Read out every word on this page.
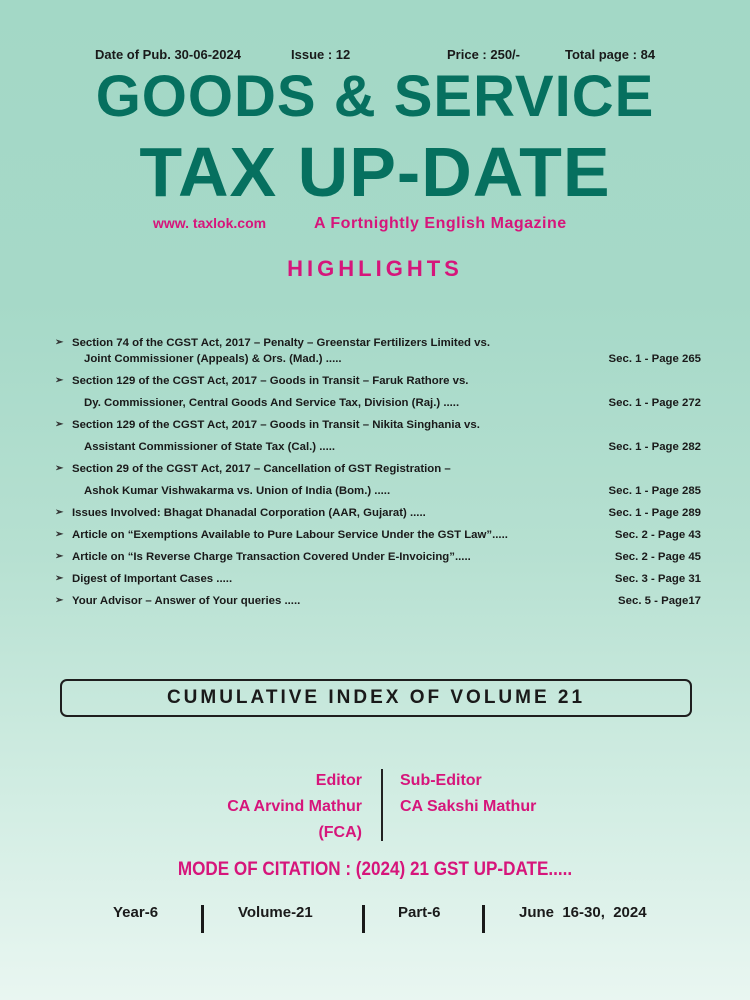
Date of Pub. 30-06-2024	Issue : 12	Price : 250/-	Total page : 84
GOODS & SERVICE
TAX UP-DATE
www. taxlok.com	A Fortnightly English Magazine
HIGHLIGHTS
➢ Section 74 of the CGST Act, 2017 – Penalty – Greenstar Fertilizers Limited vs.
Joint Commissioner (Appeals) & Ors. (Mad.) .....	Sec. 1 - Page 265
➢ Section 129 of the CGST Act, 2017 – Goods in Transit – Faruk Rathore vs.
Dy. Commissioner, Central Goods And Service Tax, Division (Raj.) .....	Sec. 1 - Page 272
➢ Section 129 of the CGST Act, 2017 – Goods in Transit – Nikita Singhania vs.
Assistant Commissioner of State Tax (Cal.) .....	Sec. 1 - Page 282
➢ Section 29 of the CGST Act, 2017 – Cancellation of GST Registration –
Ashok Kumar Vishwakarma vs. Union of India (Bom.) .....	Sec. 1 - Page 285
➢ Issues Involved: Bhagat Dhanadal Corporation (AAR, Gujarat) .....	Sec. 1 - Page 289
➢ Article on “Exemptions Available to Pure Labour Service Under the GST Law”.....	Sec. 2 - Page 43
➢ Article on “Is Reverse Charge Transaction Covered Under E-Invoicing”.....	Sec. 2 - Page 45
➢ Digest of Important Cases .....	Sec. 3 - Page 31
➢ Your Advisor – Answer of Your queries .....	Sec. 5 - Page17
CUMULATIVE INDEX OF VOLUME 21
Editor
CA Arvind Mathur
(FCA)
Sub-Editor
CA Sakshi Mathur
MODE OF CITATION : (2024) 21 GST UP-DATE.....
Year-6	Volume-21	Part-6	June  16-30,  2024
